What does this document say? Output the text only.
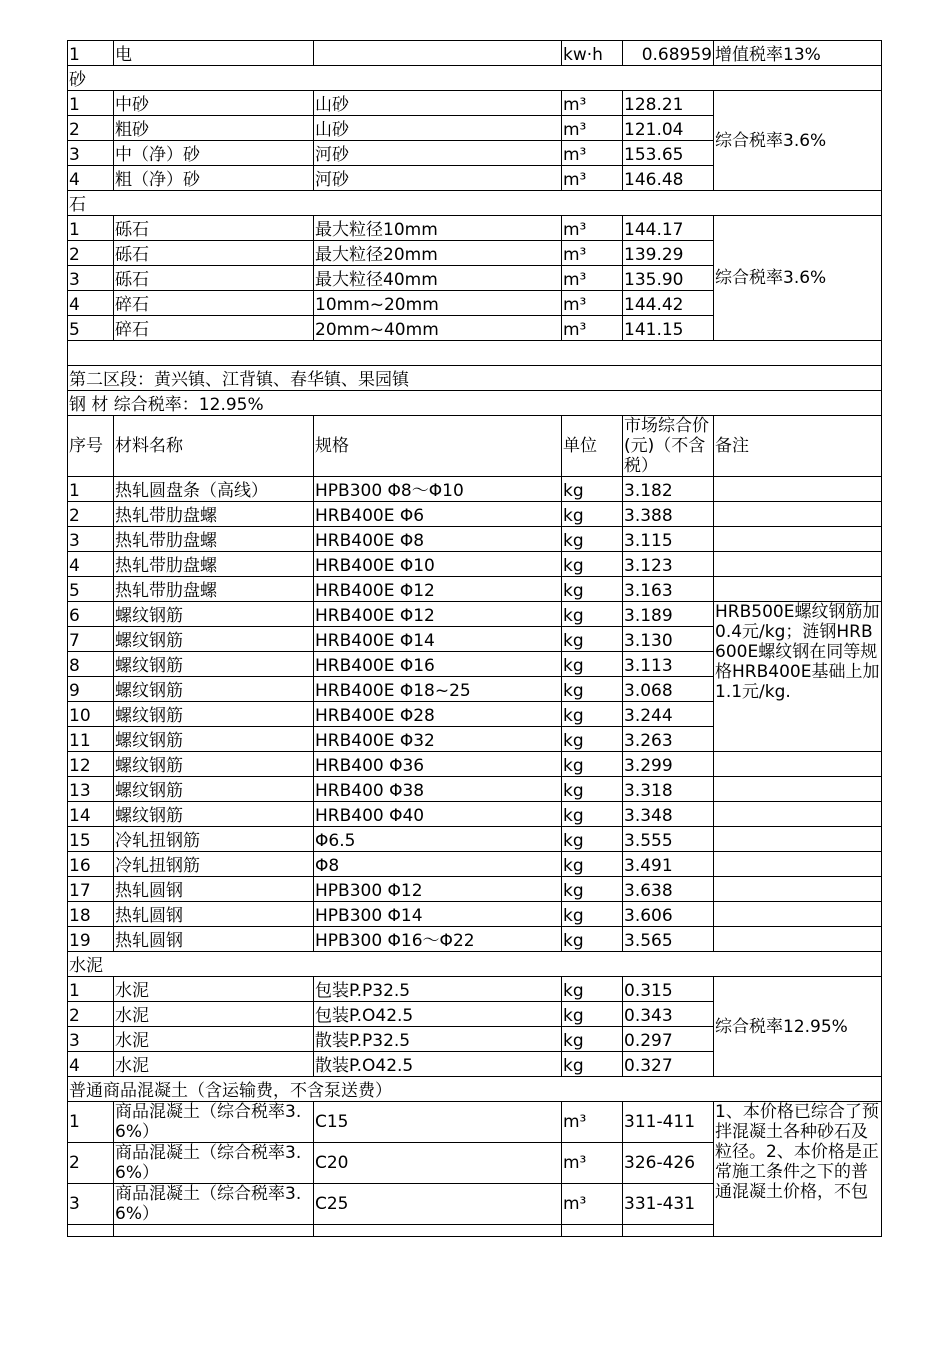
1	电		kw·h	0.68959	增值税率13%
砂					
1	中砂	山砂	m³	128.21	综合税率3.6%
2	粗砂	山砂	m³	121.04	
3	中（净）砂	河砂	m³	153.65	
4	粗（净）砂	河砂	m³	146.48	
石					
1	砾石	最大粒径10mm	m³	144.17	综合税率3.6%
2	砾石	最大粒径20mm	m³	139.29	
3	砾石	最大粒径40mm	m³	135.90	
4	碎石	10mm~20mm	m³	144.42	
5	碎石	20mm~40mm	m³	141.15	

第二区段：黄兴镇、江背镇、春华镇、果园镇					
钢 材 综合税率：12.95%					
序号	材料名称	规格	单位	市场综合价(元)（不含税）	备注
1	热轧圆盘条（高线）	HPB300 Φ8～Φ10	kg	3.182	
2	热轧带肋盘螺	HRB400E Φ6	kg	3.388	
3	热轧带肋盘螺	HRB400E Φ8	kg	3.115	
4	热轧带肋盘螺	HRB400E Φ10	kg	3.123	
5	热轧带肋盘螺	HRB400E Φ12	kg	3.163	
6	螺纹钢筋	HRB400E Φ12	kg	3.189	HRB500E螺纹钢筋加0.4元/kg；涟钢HRB600E螺纹钢在同等规格HRB400E基础上加1.1元/kg.
7	螺纹钢筋	HRB400E Φ14	kg	3.130	
8	螺纹钢筋	HRB400E Φ16	kg	3.113	
9	螺纹钢筋	HRB400E Φ18~25	kg	3.068	
10	螺纹钢筋	HRB400E Φ28	kg	3.244	
11	螺纹钢筋	HRB400E Φ32	kg	3.263	
12	螺纹钢筋	HRB400 Φ36	kg	3.299	
13	螺纹钢筋	HRB400 Φ38	kg	3.318	
14	螺纹钢筋	HRB400 Φ40	kg	3.348	
15	冷轧扭钢筋	Φ6.5	kg	3.555	
16	冷轧扭钢筋	Φ8	kg	3.491	
17	热轧圆钢	HPB300 Φ12	kg	3.638	
18	热轧圆钢	HPB300 Φ14	kg	3.606	
19	热轧圆钢	HPB300 Φ16～Φ22	kg	3.565	
水泥					
1	水泥	包装P.P32.5	kg	0.315	综合税率12.95%
2	水泥	包装P.O42.5	kg	0.343	
3	水泥	散装P.P32.5	kg	0.297	
4	水泥	散装P.O42.5	kg	0.327	
普通商品混凝土（含运输费，不含泵送费）					
1	商品混凝土（综合税率3.6%）	C15	m³	311-411	1、本价格已综合了预拌混凝土各种砂石及粒径。2、本价格是正常施工条件之下的普通混凝土价格，不包
2	商品混凝土（综合税率3.6%）	C20	m³	326-426	
3	商品混凝土（综合税率3.6%）	C25	m³	331-431	
